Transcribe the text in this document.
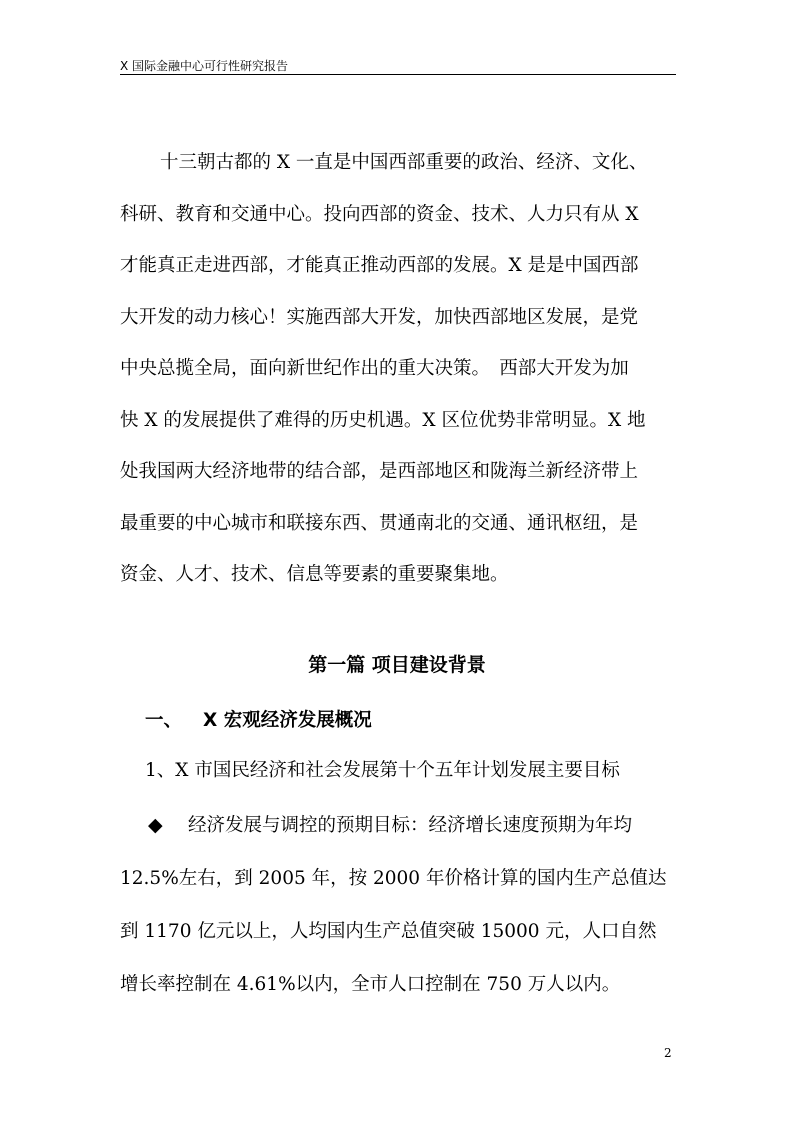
X 国际金融中心可行性研究报告
十三朝古都的 X 一直是中国西部重要的政治、经济、文化、
科研、教育和交通中心。投向西部的资金、技术、人力只有从 X
才能真正走进西部，才能真正推动西部的发展。X 是是中国西部
大开发的动力核心！实施西部大开发，加快西部地区发展，是党
中央总揽全局，面向新世纪作出的重大决策。　西部大开发为加
快 X 的发展提供了难得的历史机遇。X 区位优势非常明显。X 地
处我国两大经济地带的结合部，是西部地区和陇海兰新经济带上
最重要的中心城市和联接东西、贯通南北的交通、通讯枢纽，是
资金、人才、技术、信息等要素的重要聚集地。
第一篇 项目建设背景
一、 X 宏观经济发展概况
1、X 市国民经济和社会发展第十个五年计划发展主要目标
◆ 经济发展与调控的预期目标：经济增长速度预期为年均
12.5%左右，到 2005 年，按 2000 年价格计算的国内生产总值达
到 1170 亿元以上，人均国内生产总值突破 15000 元，人口自然
增长率控制在 4.61%以内，全市人口控制在 750 万人以内。
2
